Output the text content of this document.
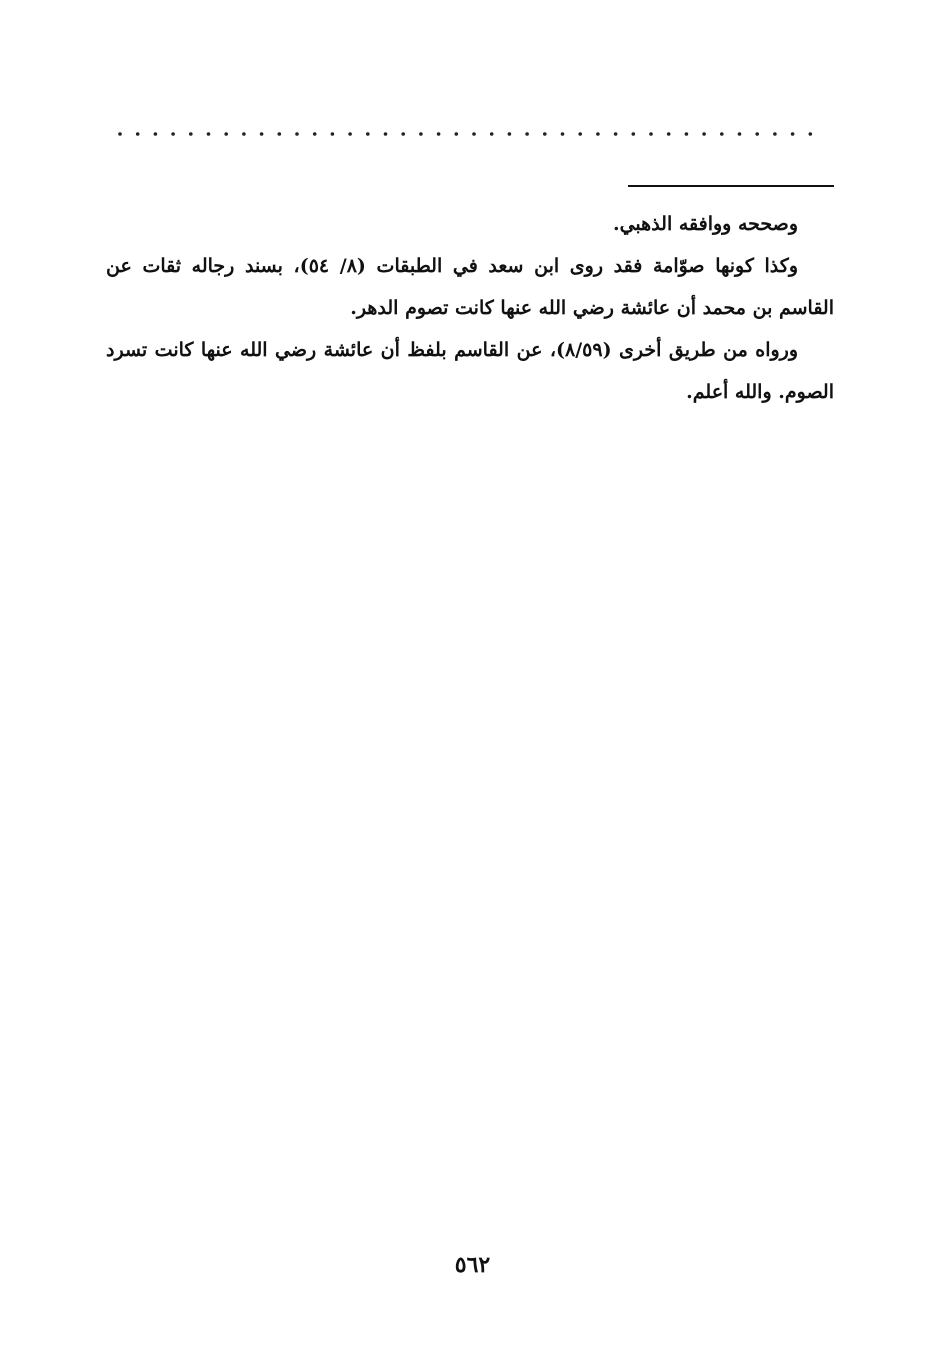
وصححه ووافقه الذهبي.

وكذا كونها صوّامة فقد روى ابن سعد في الطبقات (٨/ ٥٤)، بسند رجاله ثقات عن القاسم بن محمد أن عائشة رضي الله عنها كانت تصوم الدهر.

ورواه من طريق أخرى (٨/٥٩)، عن القاسم بلفظ أن عائشة رضي الله عنها كانت تسرد الصوم. والله أعلم.

٥٦٢
